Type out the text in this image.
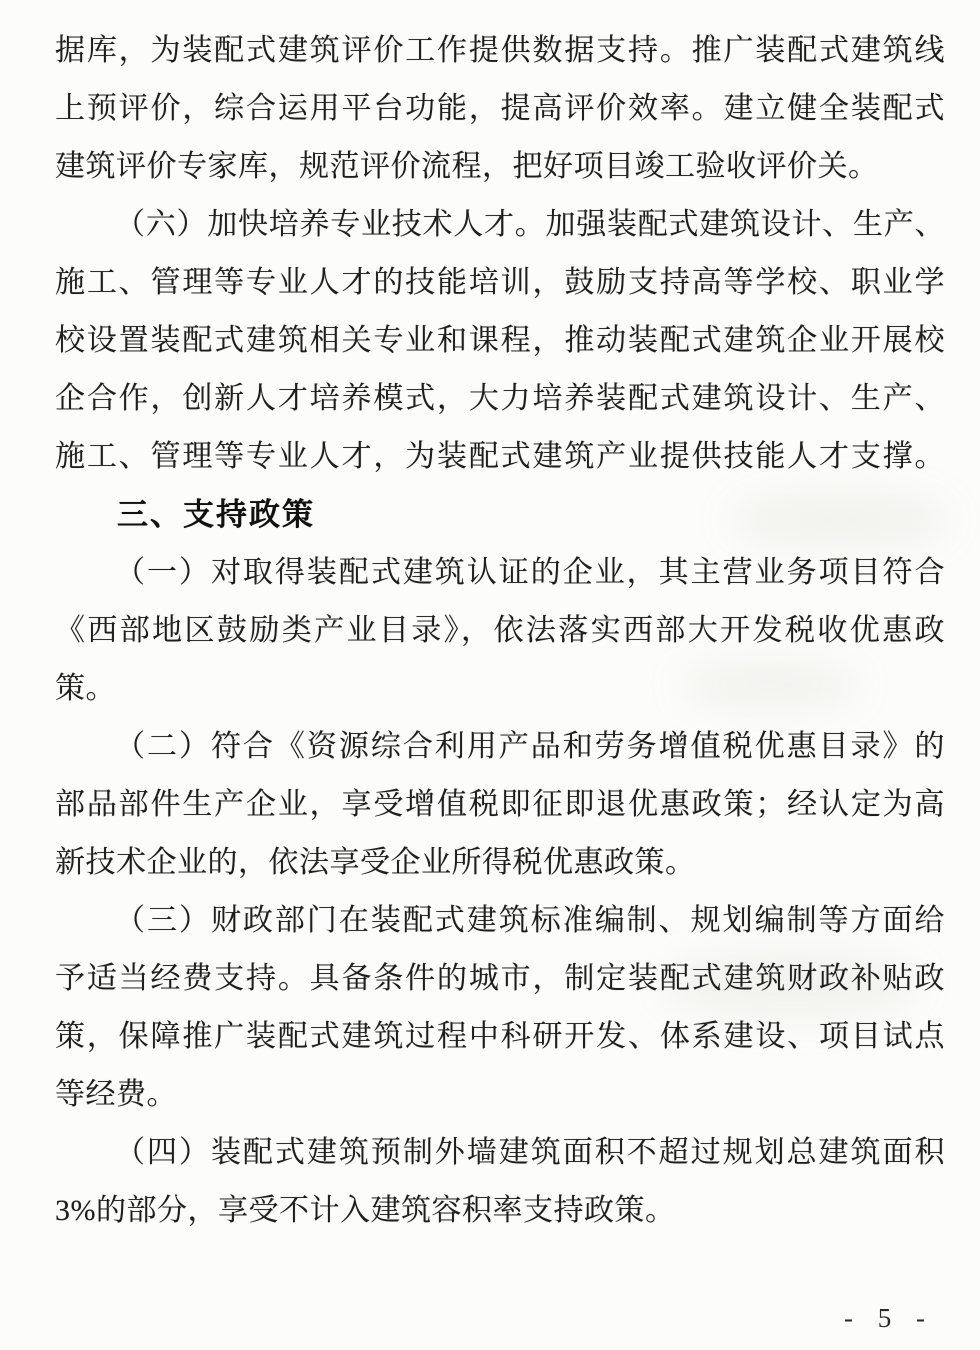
据库，为装配式建筑评价工作提供数据支持。推广装配式建筑线
上预评价，综合运用平台功能，提高评价效率。建立健全装配式
建筑评价专家库，规范评价流程，把好项目竣工验收评价关。
（六）加快培养专业技术人才。加强装配式建筑设计、生产、
施工、管理等专业人才的技能培训，鼓励支持高等学校、职业学
校设置装配式建筑相关专业和课程，推动装配式建筑企业开展校
企合作，创新人才培养模式，大力培养装配式建筑设计、生产、
施工、管理等专业人才，为装配式建筑产业提供技能人才支撑。
三、支持政策
（一）对取得装配式建筑认证的企业，其主营业务项目符合
《西部地区鼓励类产业目录》，依法落实西部大开发税收优惠政
策。
（二）符合《资源综合利用产品和劳务增值税优惠目录》的
部品部件生产企业，享受增值税即征即退优惠政策；经认定为高
新技术企业的，依法享受企业所得税优惠政策。
（三）财政部门在装配式建筑标准编制、规划编制等方面给
予适当经费支持。具备条件的城市，制定装配式建筑财政补贴政
策，保障推广装配式建筑过程中科研开发、体系建设、项目试点
等经费。
（四）装配式建筑预制外墙建筑面积不超过规划总建筑面积
3%的部分，享受不计入建筑容积率支持政策。
- 5 -
